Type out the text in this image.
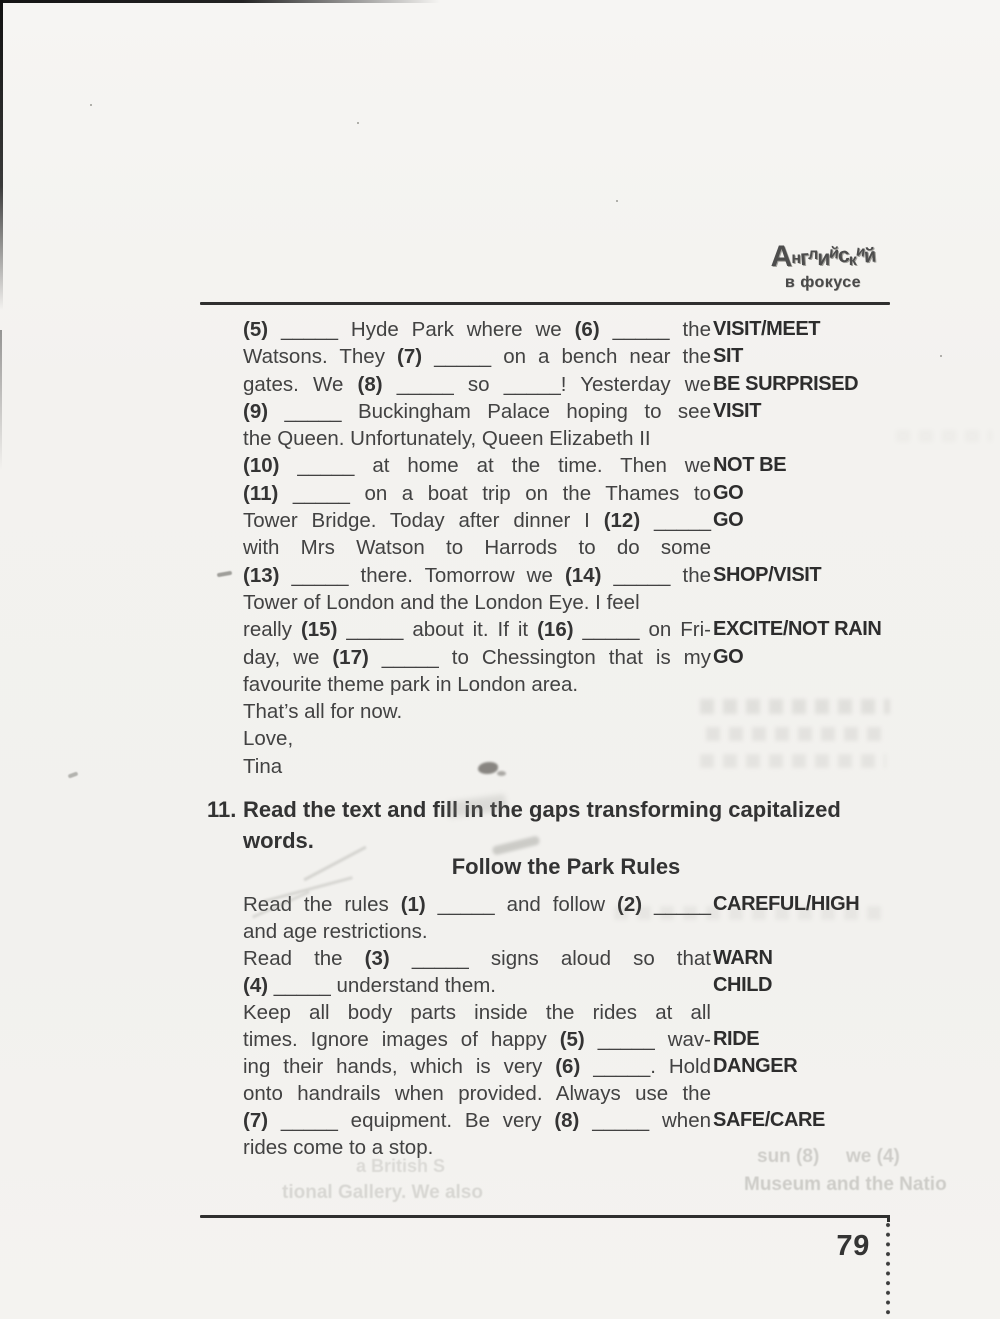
Английский
в фокусе
(5) _____ Hyde Park where we (6) _____ the VISIT/MEET
Watsons. They (7) _____ on a bench near the SIT
gates. We (8) _____ so _____! Yesterday we BE SURPRISED
(9) _____ Buckingham Palace hoping to see VISIT
the Queen. Unfortunately, Queen Elizabeth II
(10) _____ at home at the time. Then we NOT BE
(11) _____ on a boat trip on the Thames to GO
Tower Bridge. Today after dinner I (12) _____ GO
with Mrs Watson to Harrods to do some
(13) _____ there. Tomorrow we (14) _____ the SHOP/VISIT
Tower of London and the London Eye. I feel
really (15) _____ about it. If it (16) _____ on Fri- EXCITE/NOT RAIN
day, we (17) _____ to Chessington that is my GO
favourite theme park in London area.
That’s all for now.
Love,
Tina
11. Read the text and fill in the gaps transforming capitalized
words.
Follow the Park Rules
Read the rules (1) _____ and follow (2) _____ CAREFUL/HIGH
and age restrictions.
Read the (3) _____ signs aloud so that WARN
(4) _____ understand them.	CHILD
Keep all body parts inside the rides at all
times. Ignore images of happy (5) _____ wav- RIDE
ing their hands, which is very (6) _____. Hold DANGER
onto handrails when provided. Always use the
(7) _____ equipment. Be very (8) _____ when SAFE/CARE
rides come to a stop.
79
sun (8) we (4)
Museum and the Natio
tional Gallery. We also
a British S
